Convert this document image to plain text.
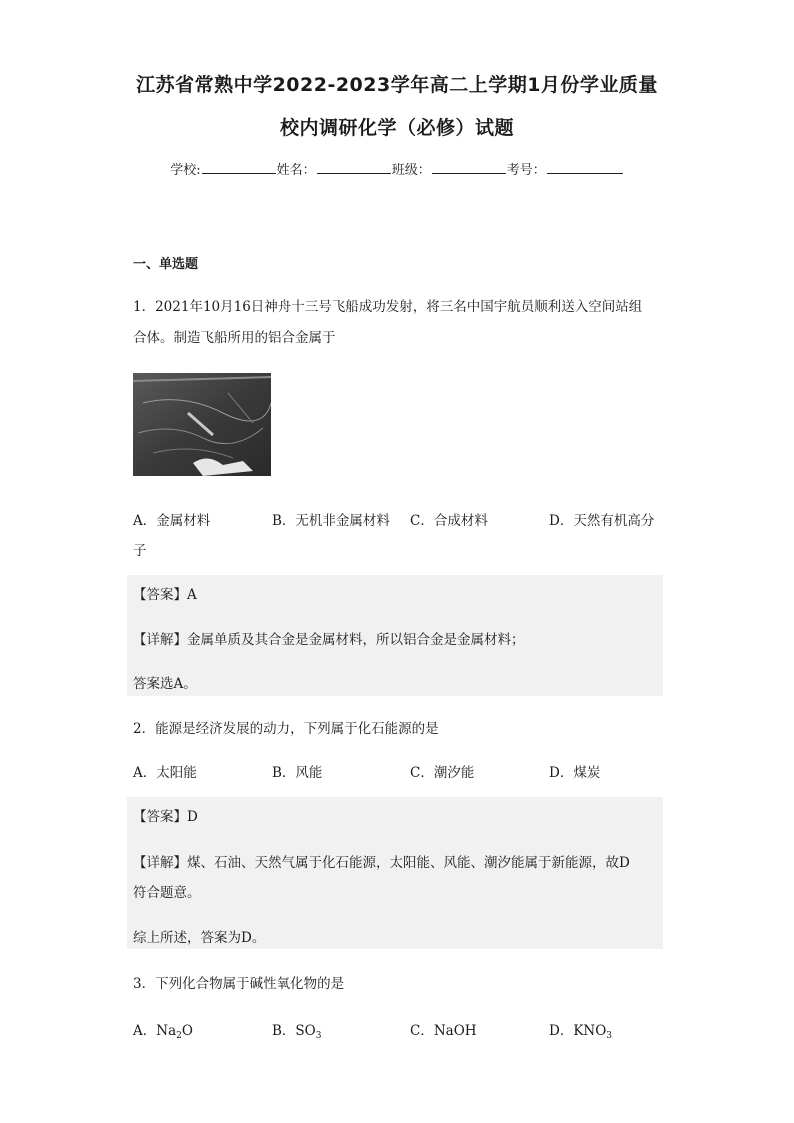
江苏省常熟中学2022-2023学年高二上学期1月份学业质量
校内调研化学（必修）试题
学校:	姓名：	班级：	考号：
一、单选题
1．2021年10月16日神舟十三号飞船成功发射，将三名中国宇航员顺利送入空间站组
合体。制造飞船所用的铝合金属于
A．金属材料	B．无机非金属材料 C．合成材料	D．天然有机高分
子
【答案】A
【详解】金属单质及其合金是金属材料，所以铝合金是金属材料；
答案选A。
2．能源是经济发展的动力，下列属于化石能源的是
A．太阳能	B．风能	C．潮汐能	D．煤炭
【答案】D
【详解】煤、石油、天然气属于化石能源，太阳能、风能、潮汐能属于新能源，故D
符合题意。
综上所述，答案为D。
3．下列化合物属于碱性氧化物的是
A．$Na_2O$	B．$SO_3$	C．NaOH	D．$KNO_3$
